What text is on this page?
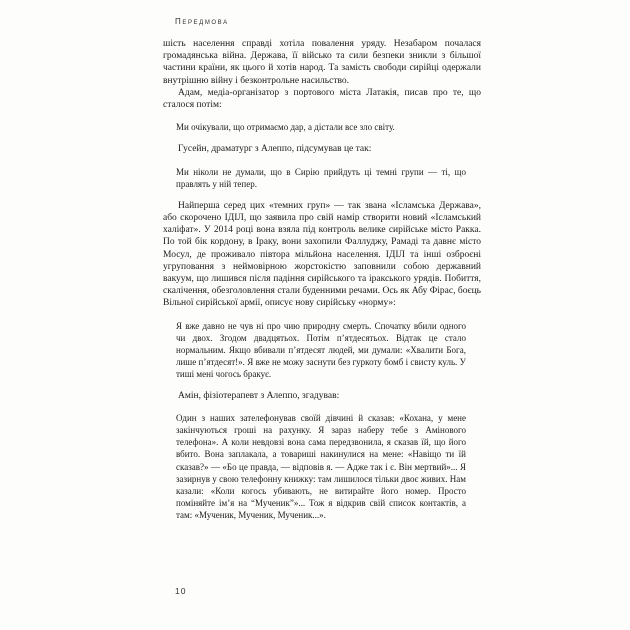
Передмова

шість населення справді хотіла повалення уряду. Незабаром почалася громадянська війна. Держава, її військо та сили безпеки зникли з більшої частини країни, як цього й хотів народ. Та замість свободи сирійці одержали внутрішню війну і безконтрольне насильство.

Адам, медіа-організатор з портового міста Латакія, писав про те, що сталося потім:

Ми очікували, що отримаємо дар, а дістали все зло світу.

Гусейн, драматург з Алеппо, підсумував це так:

Ми ніколи не думали, що в Сирію прийдуть ці темні групи — ті, що правлять у ній тепер.

Найперша серед цих «темних груп» — так звана «Ісламська Держава», або скорочено ІДІЛ, що заявила про свій намір створити новий «Ісламський халіфат». У 2014 році вона взяла під контроль велике сирійське місто Ракка. По той бік кордону, в Іраку, вони захопили Фаллуджу, Рамаді та давнє місто Мосул, де проживало півтора мільйона населення. ІДІЛ та інші озброєні угруповання з неймовірною жорстокістю заповнили собою державний вакуум, що лишився після падіння сирійського та іракського урядів. Побиття, скалічення, обезголовлення стали буденними речами. Ось як Абу Фірас, боєць Вільної сирійської армії, описує нову сирійську «норму»:

Я вже давно не чув ні про чию природну смерть. Спочатку вбили одного чи двох. Згодом двадцятьох. Потім п’ятдесятьох. Відтак це стало нормальним. Якщо вбивали п’ятдесят людей, ми думали: «Хвалити Бога, лише п’ятдесят!». Я вже не можу заснути без гуркоту бомб і свисту куль. У тиші мені чогось бракує.

Амін, фізіотерапевт з Алеппо, згадував:

Один з наших зателефонував своїй дівчині й сказав: «Кохана, у мене закінчуються гроші на рахунку. Я зараз наберу тебе з Амінового телефона». А коли невдовзі вона сама передзвонила, я сказав їй, що його вбито. Вона заплакала, а товариші накинулися на мене: «Навіщо ти їй сказав?» — «Бо це правда, — відповів я. — Адже так і є. Він мертвий»... Я зазирнув у свою телефонну книжку: там лишилося тільки двоє живих. Нам казали: «Коли когось убивають, не витирайте його номер. Просто поміняйте ім’я на “Мученик”»... Тож я відкрив свій список контактів, а там: «Мученик, Мученик, Мученик...».
10
